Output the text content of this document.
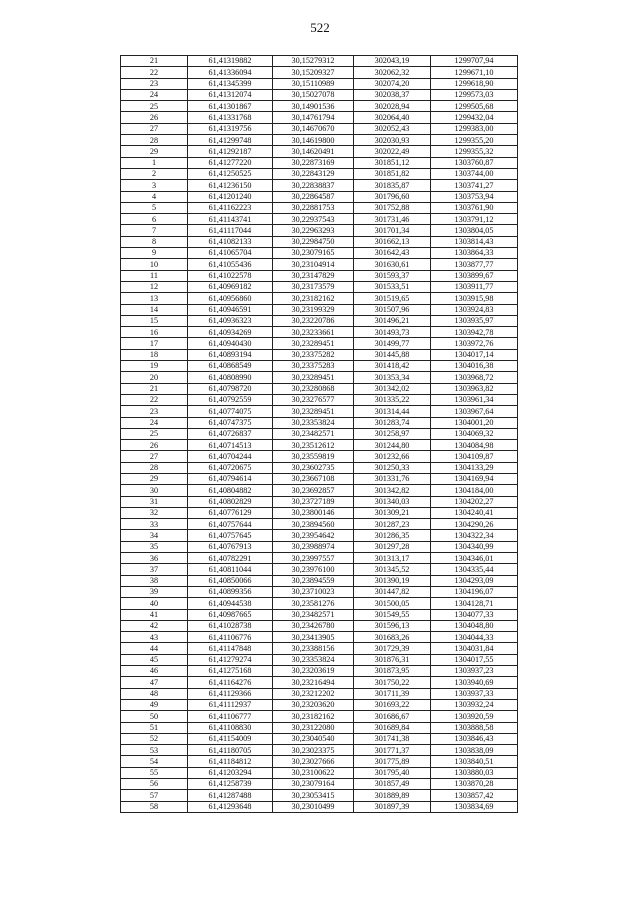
522
21	61,41319882	30,15279312	302043,19	1299707,94
22	61,41336094	30,15209327	302062,32	1299671,10
23	61,41345399	30,15110989	302074,20	1299618,90
24	61,41312074	30,15027078	302038,37	1299573,03
25	61,41301867	30,14901536	302028,94	1299505,68
26	61,41331768	30,14761794	302064,40	1299432,04
27	61,41319756	30,14670670	302052,43	1299383,00
28	61,41299748	30,14619800	302030,93	1299355,20
29	61,41292187	30,14620491	302022,49	1299355,32
1	61,41277220	30,22873169	301851,12	1303760,87
2	61,41250525	30,22843129	301851,82	1303744,00
3	61,41236150	30,22838837	301835,87	1303741,27
4	61,41201240	30,22864587	301796,60	1303753,94
5	61,41162223	30,22881753	301752,88	1303761,90
6	61,41143741	30,22937543	301731,46	1303791,12
7	61,41117044	30,22963293	301701,34	1303804,05
8	61,41082133	30,22984750	301662,13	1303814,43
9	61,41065704	30,23079165	301642,43	1303864,33
10	61,41055436	30,23104914	301630,61	1303877,77
11	61,41022578	30,23147829	301593,37	1303899,67
12	61,40969182	30,23173579	301533,51	1303911,77
13	61,40956860	30,23182162	301519,65	1303915,98
14	61,40946591	30,23199329	301507,96	1303924,83
15	61,40936323	30,23220786	301496,21	1303935,97
16	61,40934269	30,23233661	301493,73	1303942,78
17	61,40940430	30,23289451	301499,77	1303972,76
18	61,40893194	30,23375282	301445,88	1304017,14
19	61,40868549	30,23375283	301418,42	1304016,38
20	61,40808990	30,23289451	301353,34	1303968,72
21	61,40798720	30,23280868	301342,02	1303963,82
22	61,40792559	30,23276577	301335,22	1303961,34
23	61,40774075	30,23289451	301314,44	1303967,64
24	61,40747375	30,23353824	301283,74	1304001,20
25	61,40726837	30,23482571	301258,97	1304069,32
26	61,40714513	30,23512612	301244,80	1304084,98
27	61,40704244	30,23559819	301232,66	1304109,87
28	61,40720675	30,23602735	301250,33	1304133,29
29	61,40794614	30,23667108	301331,76	1304169,94
30	61,40804882	30,23692857	301342,82	1304184,00
31	61,40802829	30,23727189	301340,03	1304202,27
32	61,40776129	30,23800146	301309,21	1304240,41
33	61,40757644	30,23894560	301287,23	1304290,26
34	61,40757645	30,23954642	301286,35	1304322,34
35	61,40767913	30,23988974	301297,28	1304340,99
36	61,40782291	30,23997557	301313,17	1304346,01
37	61,40811044	30,23976100	301345,52	1304335,44
38	61,40850066	30,23894559	301390,19	1304293,09
39	61,40899356	30,23710023	301447,82	1304196,07
40	61,40944538	30,23581276	301500,05	1304128,71
41	61,40987665	30,23482571	301549,55	1304077,33
42	61,41028738	30,23426780	301596,13	1304048,80
43	61,41106776	30,23413905	301683,26	1304044,33
44	61,41147848	30,23388156	301729,39	1304031,84
45	61,41279274	30,23353824	301876,31	1304017,55
46	61,41275168	30,23203619	301873,95	1303937,23
47	61,41164276	30,23216494	301750,22	1303940,69
48	61,41129366	30,23212202	301711,39	1303937,33
49	61,41112937	30,23203620	301693,22	1303932,24
50	61,41106777	30,23182162	301686,67	1303920,59
51	61,41108830	30,23122080	301689,84	1303888,58
52	61,41154009	30,23040540	301741,38	1303846,43
53	61,41180705	30,23023375	301771,37	1303838,09
54	61,41184812	30,23027666	301775,89	1303840,51
55	61,41203294	30,23100622	301795,40	1303880,03
56	61,41258739	30,23079164	301857,49	1303870,28
57	61,41287488	30,23053415	301889,89	1303857,42
58	61,41293648	30,23010499	301897,39	1303834,69
